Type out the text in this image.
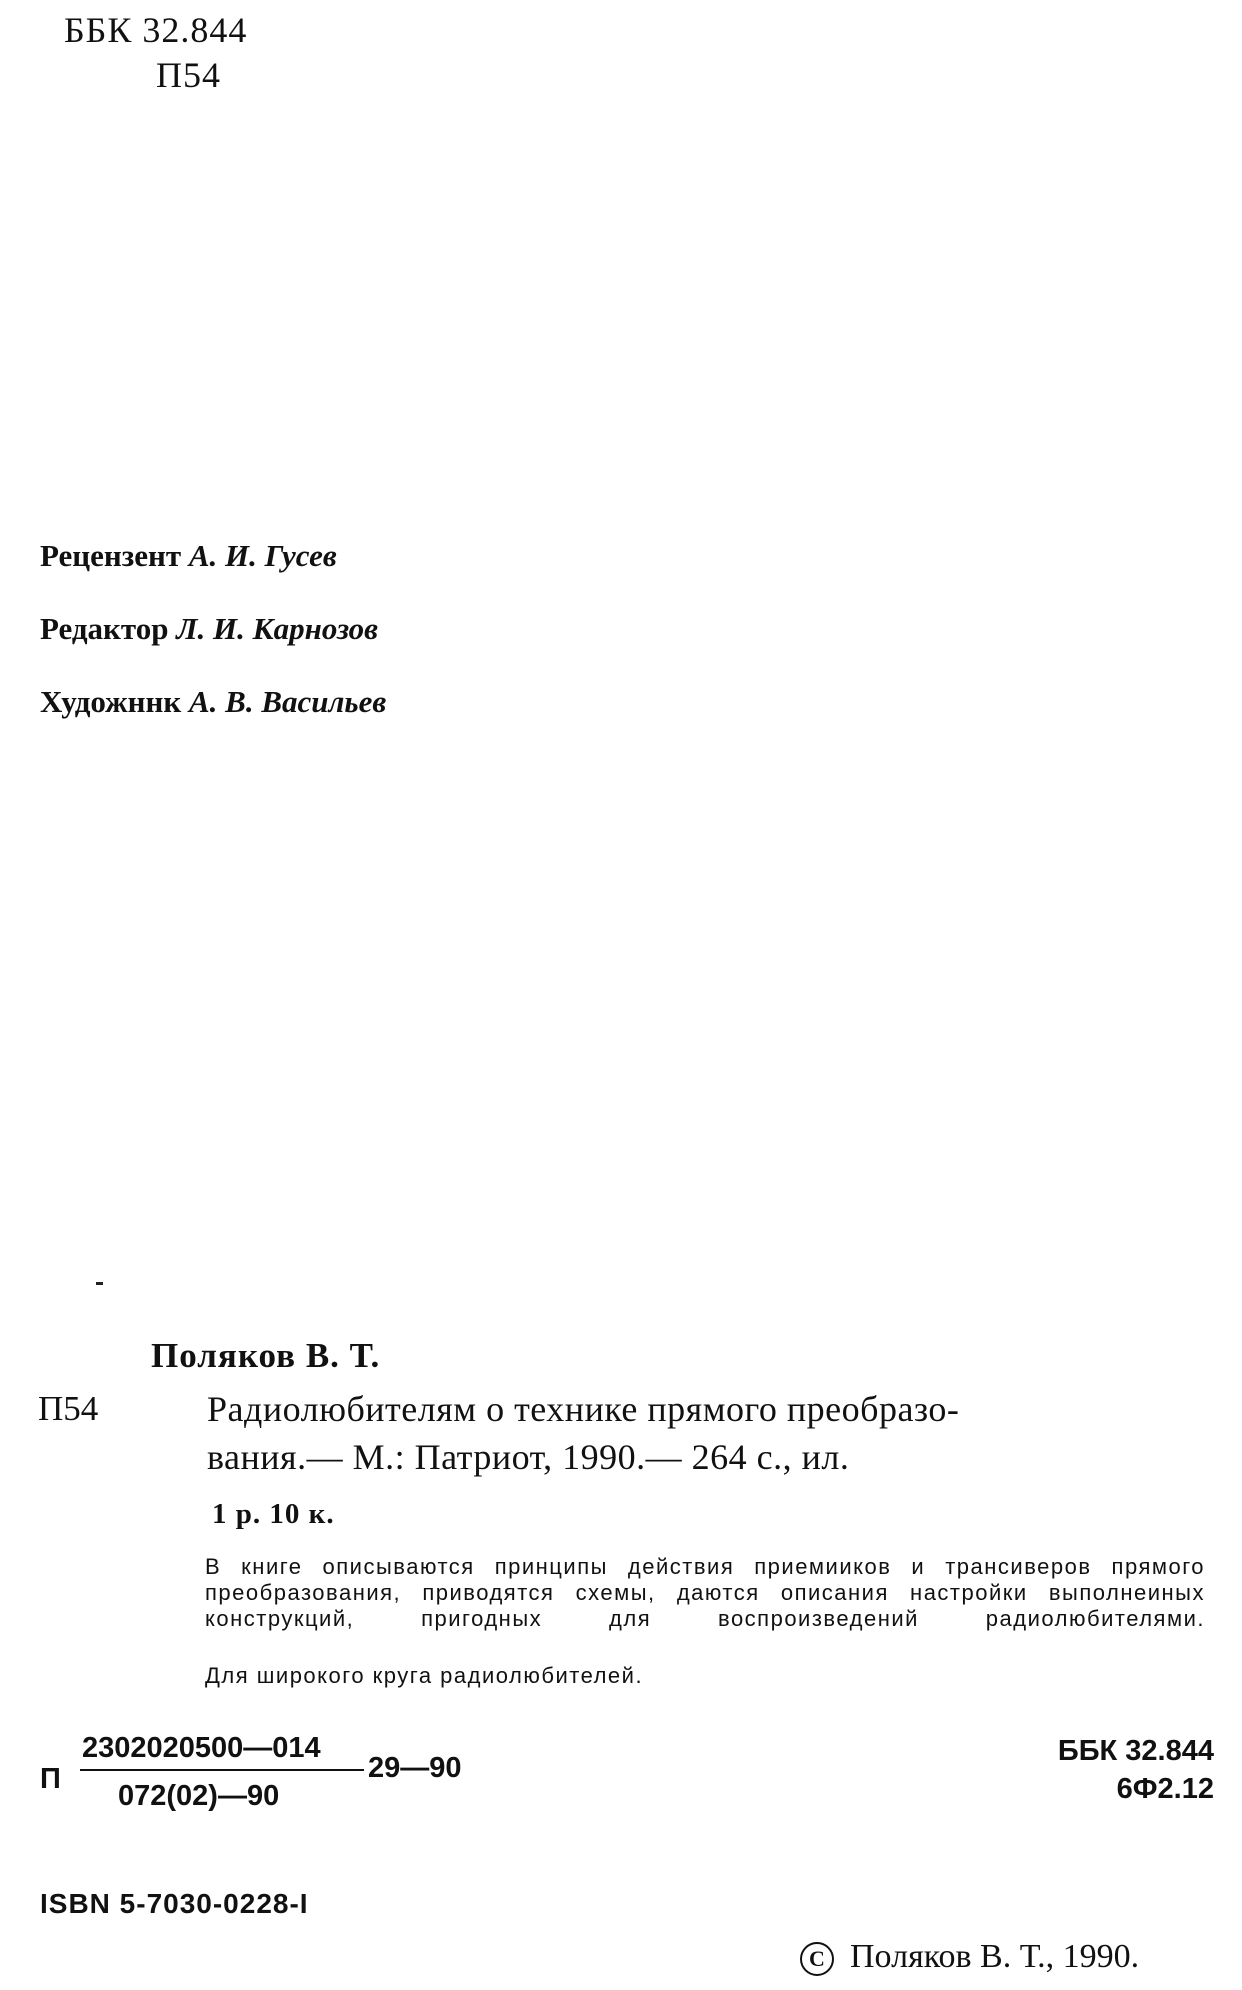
ББК 32.844
П54
Рецензент А. И. Гусев
Редактор Л. И. Карнозов
Художннк А. В. Васильев
Поляков В. Т.
П54	Радиолюбителям о технике прямого преобразо-
вания.— М.: Патриот, 1990.— 264 с., ил.
1 р. 10 к.
В книге описываются принципы действия приемииков и трансиверов прямого преобразования, приводятся схемы, даются описания настройки выполнеиных конструкций, пригодных для воспроизведений радиолюбителями.
Для широкого круга радиолюбителей.
П
2302020500—014
072(02)—90
29—90
ББК 32.844
6Ф2.12
ISBN 5-7030-0228-I
C Поляков В. Т., 1990.
